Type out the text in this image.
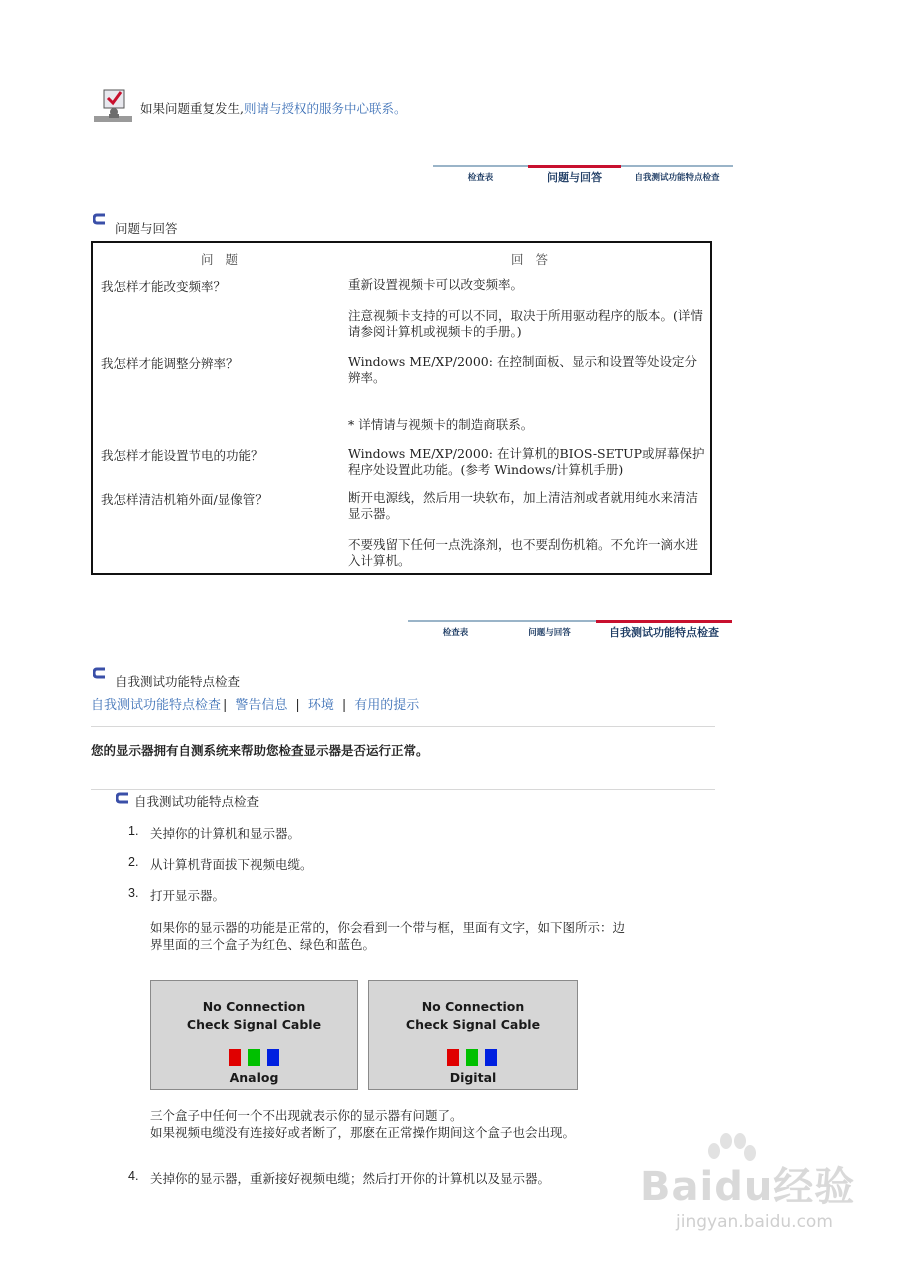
如果问题重复发生,则请与授权的服务中心联系。
检查表	问题与回答	自我测试功能特点检查
问题与回答
问 题	回 答
我怎样才能改变频率？	重新设置视频卡可以改变频率。
注意视频卡支持的可以不同，取决于所用驱动程序的版本。(详情请参阅计算机或视频卡的手册。)
我怎样才能调整分辨率？	Windows ME/XP/2000: 在控制面板、显示和设置等处设定分辨率。
* 详情请与视频卡的制造商联系。
我怎样才能设置节电的功能？	Windows ME/XP/2000: 在计算机的BIOS-SETUP或屏幕保护程序处设置此功能。(参考 Windows/计算机手册)
我怎样清洁机箱外面/显像管？	断开电源线，然后用一块软布，加上清洁剂或者就用纯水来清洁显示器。
不要残留下任何一点洗涤剂，也不要刮伤机箱。不允许一滴水进入计算机。
检查表	问题与回答	自我测试功能特点检查
自我测试功能特点检查
自我测试功能特点检查 | 警告信息 | 环境 | 有用的提示
您的显示器拥有自测系统来帮助您检查显示器是否运行正常。
自我测试功能特点检查
1. 关掉你的计算机和显示器。
2. 从计算机背面拔下视频电缆。
3. 打开显示器。
如果你的显示器的功能是正常的，你会看到一个带与框，里面有文字，如下图所示：边
界里面的三个盒子为红色、绿色和蓝色。
No Connection
Check Signal Cable
Analog
No Connection
Check Signal Cable
Digital
三个盒子中任何一个不出现就表示你的显示器有问题了。
如果视频电缆没有连接好或者断了，那麽在正常操作期间这个盒子也会出现。
4. 关掉你的显示器，重新接好视频电缆；然后打开你的计算机以及显示器。 Baidu经验
jingyan.baidu.com
